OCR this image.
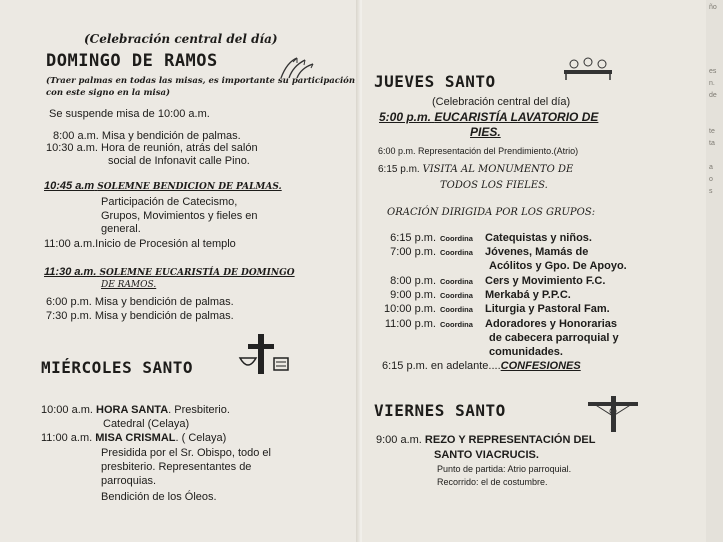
(Celebración central del día)
DOMINGO DE RAMOS
(Traer palmas en todas las misas, es importante su participación
con este signo en la misa)
Se suspende misa de 10:00 a.m.
8:00 a.m. Misa y bendición de palmas.
10:30 a.m. Hora de reunión, atrás del salón
social de Infonavit calle Pino.
10:45 a.m SOLEMNE BENDICION DE PALMAS.
Participación de Catecismo,
Grupos, Movimientos y fieles en
general.
11:00 a.m.Inicio de Procesión al templo
11:30 a.m. SOLEMNE EUCARISTÍA DE DOMINGO
DE RAMOS.
6:00 p.m. Misa y bendición de palmas.
7:30 p.m. Misa y bendición de palmas.
MIÉRCOLES SANTO
10:00 a.m. HORA SANTA. Presbiterio.
Catedral (Celaya)
11:00 a.m. MISA CRISMAL. ( Celaya)
Presidida por el Sr. Obispo, todo el
presbiterio. Representantes de
parroquias.
Bendición de los Óleos.
JUEVES SANTO
(Celebración central del día)
5:00 p.m. EUCARISTÍA LAVATORIO DE
PIES.
6:00 p.m. Representación del Prendimiento.(Atrio)
6:15 p.m. VISITA AL MONUMENTO DE
TODOS LOS FIELES.
ORACIÓN DIRIGIDA POR LOS GRUPOS:
6:15 p.m. Coordina Catequistas y niños.
7:00 p.m. Coordina Jóvenes, Mamás de
Acólitos y Gpo. De Apoyo.
8:00 p.m. Coordina Cers y Movimiento F.C.
9:00 p.m. Coordina Merkabá y P.P.C.
10:00 p.m. Coordina Liturgia y Pastoral Fam.
11:00 p.m. Coordina Adoradores y Honorarias
de cabecera parroquial y
comunidades.
6:15 p.m. en adelante....CONFESIONES
VIERNES SANTO
9:00 a.m. REZO Y REPRESENTACIÓN DEL
SANTO VIACRUCIS.
Punto de partida: Atrio parroquial.
Recorrido: el de costumbre.
ño
es
n.
de
te
ta
a
o
s
